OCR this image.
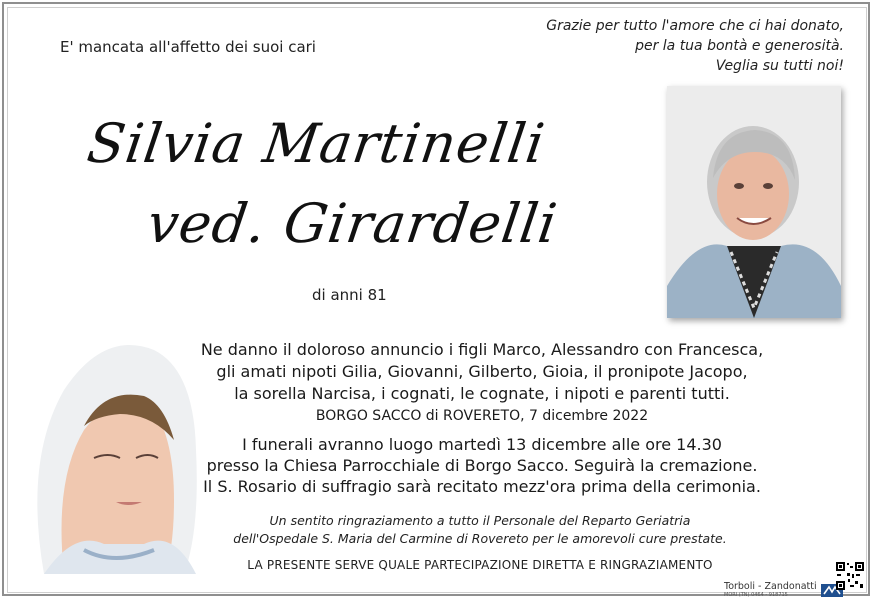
E' mancata all'affetto dei suoi cari
Grazie per tutto l'amore che ci hai donato,
per la tua bontà e generosità.
Veglia su tutti noi!
Silvia Martinelli
ved. Girardelli
di anni 81
Ne danno il doloroso annuncio i figli Marco, Alessandro con Francesca,
gli amati nipoti Gilia, Giovanni, Gilberto, Gioia, il pronipote Jacopo,
la sorella Narcisa, i cognati, le cognate, i nipoti e parenti tutti.
BORGO SACCO di ROVERETO, 7 dicembre 2022
I funerali avranno luogo martedì 13 dicembre alle ore 14.30
presso la Chiesa Parrocchiale di Borgo Sacco. Seguirà la cremazione.
Il S. Rosario di suffragio sarà recitato mezz'ora prima della cerimonia.
Un sentito ringraziamento a tutto il Personale del Reparto Geriatria
dell'Ospedale S. Maria del Carmine di Rovereto per le amorevoli cure prestate.
LA PRESENTE SERVE QUALE PARTECIPAZIONE DIRETTA E RINGRAZIAMENTO
Torboli - Zandonatti
MORI (TN) 0464 - 918715
